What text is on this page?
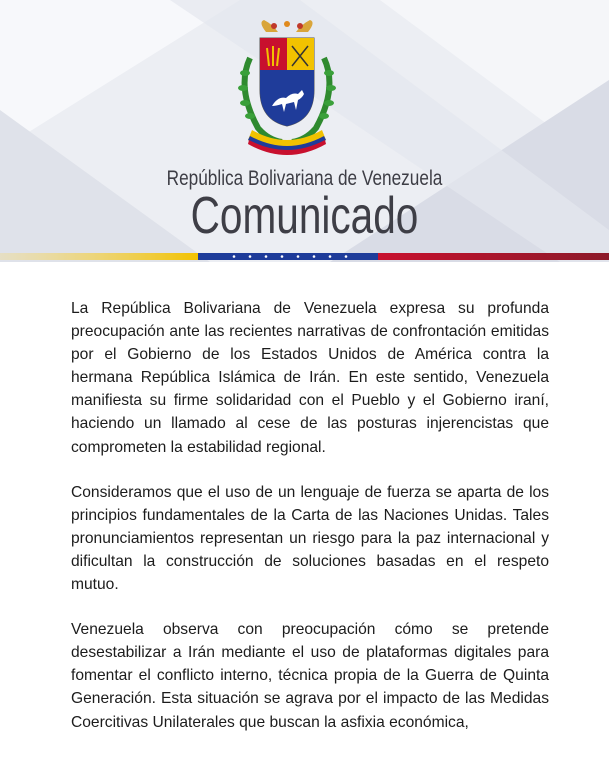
República Bolivariana de Venezuela
Comunicado

La República Bolivariana de Venezuela expresa su profunda preocupación ante las recientes narrativas de confrontación emitidas por el Gobierno de los Estados Unidos de América contra la hermana República Islámica de Irán. En este sentido, Venezuela manifiesta su firme solidaridad con el Pueblo y el Gobierno iraní, haciendo un llamado al cese de las posturas injerencistas que comprometen la estabilidad regional.

Consideramos que el uso de un lenguaje de fuerza se aparta de los principios fundamentales de la Carta de las Naciones Unidas. Tales pronunciamientos representan un riesgo para la paz internacional y dificultan la construcción de soluciones basadas en el respeto mutuo.

Venezuela observa con preocupación cómo se pretende desestabilizar a Irán mediante el uso de plataformas digitales para fomentar el conflicto interno, técnica propia de la Guerra de Quinta Generación. Esta situación se agrava por el impacto de las Medidas Coercitivas Unilaterales que buscan la asfixia económica,
